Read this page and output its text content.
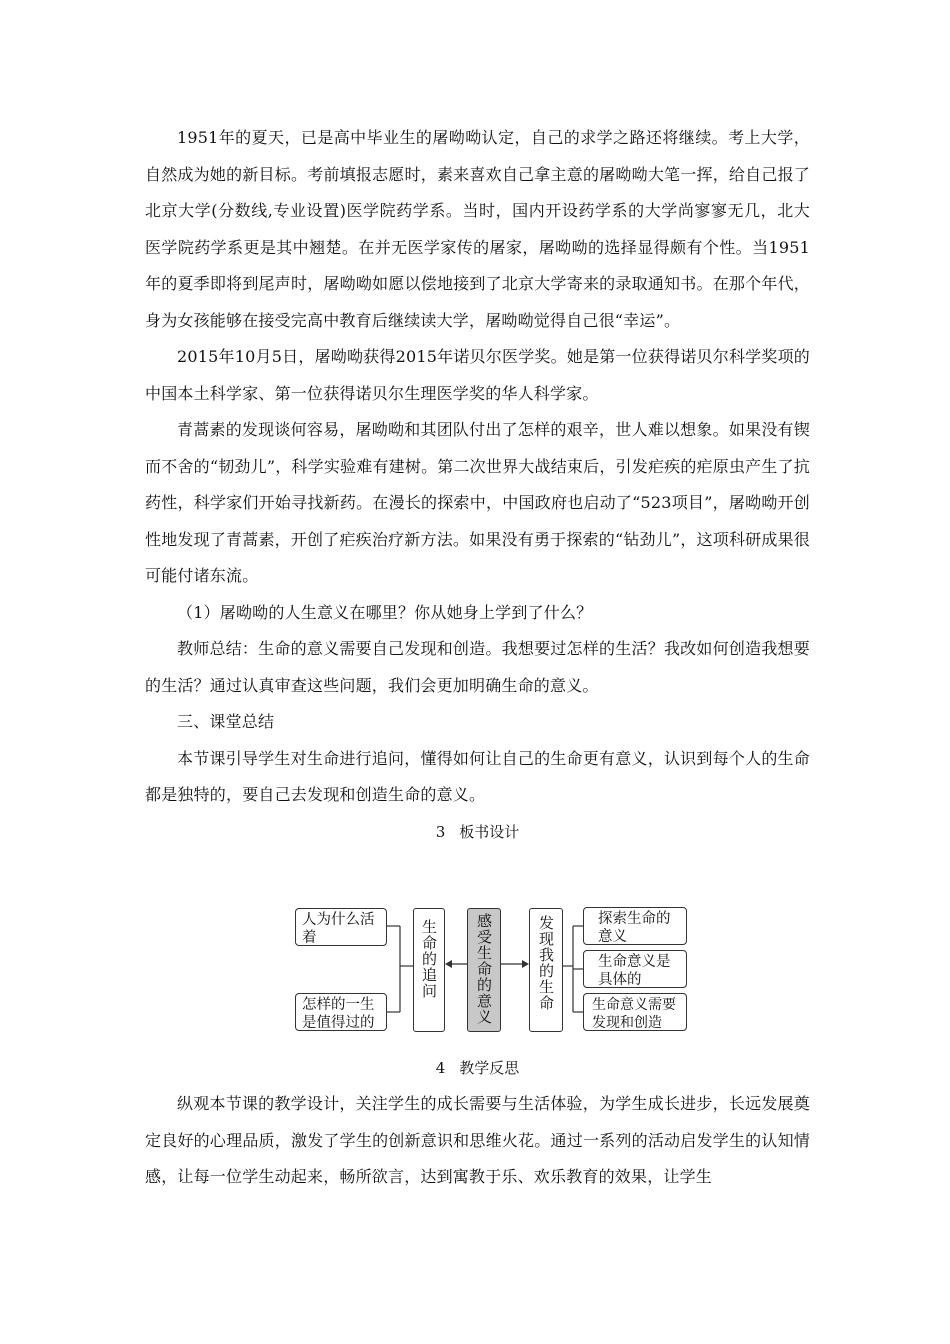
1951年的夏天，已是高中毕业生的屠呦呦认定，自己的求学之路还将继续。考上大学，自然成为她的新目标。考前填报志愿时，素来喜欢自己拿主意的屠呦呦大笔一挥，给自己报了北京大学(分数线,专业设置)医学院药学系。当时，国内开设药学系的大学尚寥寥无几，北大医学院药学系更是其中翘楚。在并无医学家传的屠家，屠呦呦的选择显得颇有个性。当1951年的夏季即将到尾声时，屠呦呦如愿以偿地接到了北京大学寄来的录取通知书。在那个年代，身为女孩能够在接受完高中教育后继续读大学，屠呦呦觉得自己很“幸运”。

2015年10月5日，屠呦呦获得2015年诺贝尔医学奖。她是第一位获得诺贝尔科学奖项的中国本土科学家、第一位获得诺贝尔生理医学奖的华人科学家。

青蒿素的发现谈何容易，屠呦呦和其团队付出了怎样的艰辛，世人难以想象。如果没有锲而不舍的“韧劲儿”，科学实验难有建树。第二次世界大战结束后，引发疟疾的疟原虫产生了抗药性，科学家们开始寻找新药。在漫长的探索中，中国政府也启动了“523项目”，屠呦呦开创性地发现了青蒿素，开创了疟疾治疗新方法。如果没有勇于探索的“钻劲儿”，这项科研成果很可能付诸东流。

（1）屠呦呦的人生意义在哪里？你从她身上学到了什么？

教师总结：生命的意义需要自己发现和创造。我想要过怎样的生活？我改如何创造我想要的生活？通过认真审查这些问题，我们会更加明确生命的意义。

三、课堂总结

本节课引导学生对生命进行追问，懂得如何让自己的生命更有意义，认识到每个人的生命都是独特的，要自己去发现和创造生命的意义。

3 板书设计

人为什么活着
怎样的一生是值得过的
生命的追问 感受生命的意义	发现我的生命	探索生命的意义
生命意义是具体的
生命意义需要发现和创造

4 教学反思

纵观本节课的教学设计，关注学生的成长需要与生活体验，为学生成长进步，长远发展奠定良好的心理品质，激发了学生的创新意识和思维火花。通过一系列的活动启发学生的认知情感，让每一位学生动起来，畅所欲言，达到寓教于乐、欢乐教育的效果，让学生
